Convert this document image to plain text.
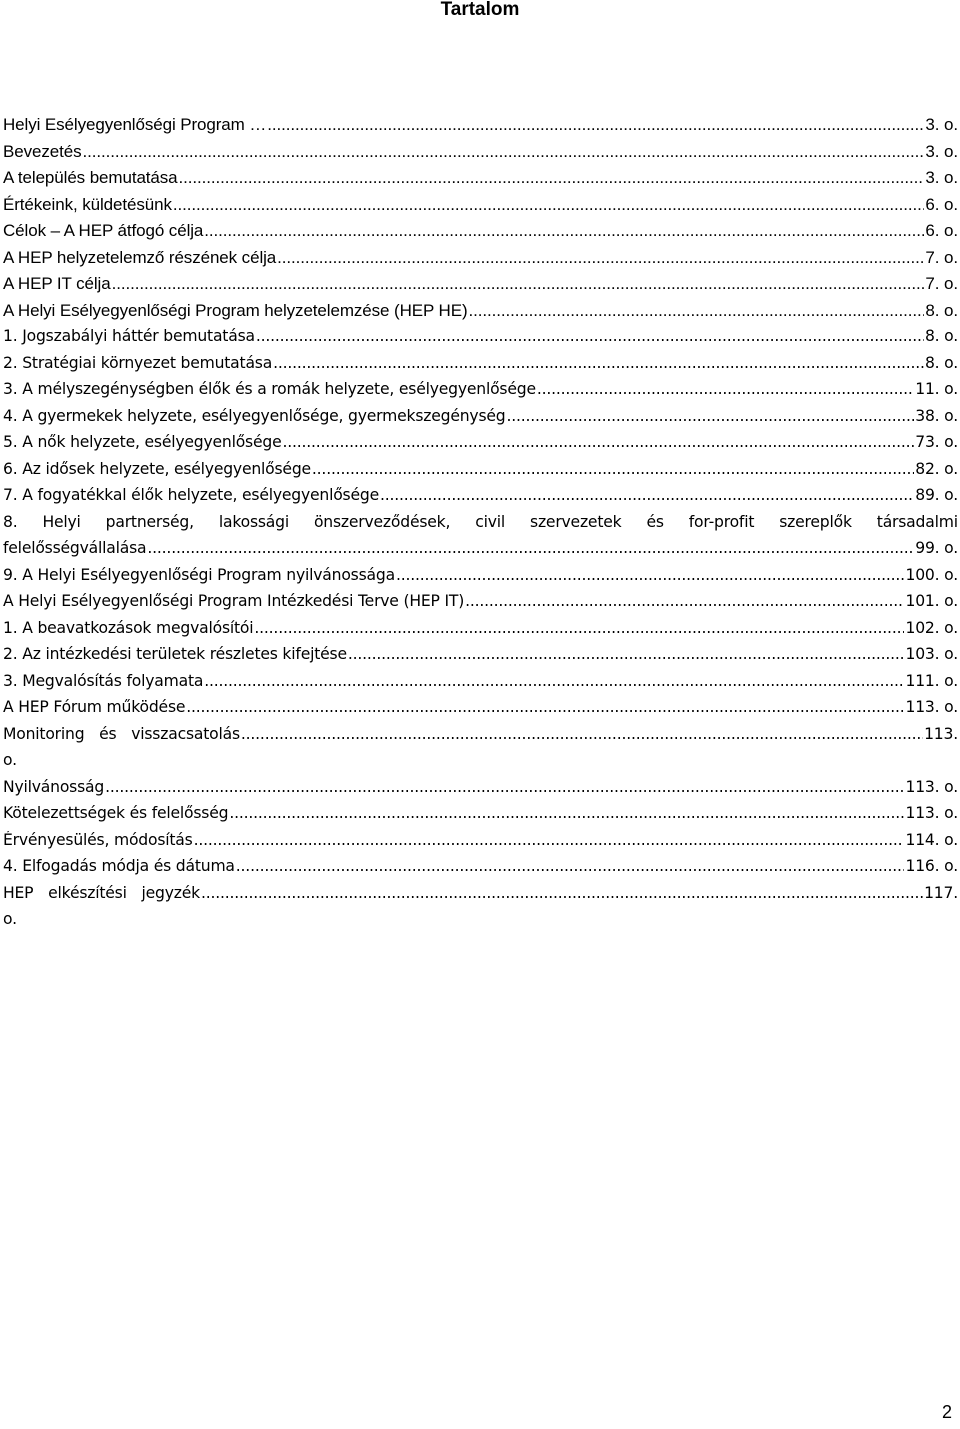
Tartalom
Helyi Esélyegyenlőségi Program … .....	3. o.
Bevezetés .....	3. o.
A település bemutatása .....	3. o.
Értékeink, küldetésünk .....	6. o.
Célok – A HEP átfogó célja .....	6. o.
A HEP helyzetelemző részének célja .....	7. o.
A HEP IT célja .....	7. o.
A Helyi Esélyegyenlőségi Program helyzetelemzése (HEP HE) .....	8. o.
1. Jogszabályi háttér bemutatása .....	8. o.
2. Stratégiai környezet bemutatása .....	8. o.
3. A mélyszegénységben élők és a romák helyzete, esélyegyenlősége .....	11. o.
4. A gyermekek helyzete, esélyegyenlősége, gyermekszegénység .....	38. o.
5. A nők helyzete, esélyegyenlősége .....	73. o.
6. Az idősek helyzete, esélyegyenlősége .....	82. o.
7. A fogyatékkal élők helyzete, esélyegyenlősége .....	89. o.
8. Helyi partnerség, lakossági önszerveződések, civil szervezetek és for-profit szereplők társadalmi
felelősségvállalása .....	99. o.
9. A Helyi Esélyegyenlőségi Program nyilvánossága .....	100. o.
A Helyi Esélyegyenlőségi Program Intézkedési Terve (HEP IT) .....	101. o.
1. A beavatkozások megvalósítói .....	102. o.
2. Az intézkedési területek részletes kifejtése .....	103. o.
3. Megvalósítás folyamata .....	111. o.
A HEP Fórum működése .....	113. o.
Monitoring és visszacsatolás .....	113.
o.
Nyilvánosság .....	113. o.
Kötelezettségek és felelősség .....	113. o.
Érvényesülés, módosítás .....	114. o.
4. Elfogadás módja és dátuma .....	116. o.
HEP elkészítési jegyzék .....	117.
o.
2
